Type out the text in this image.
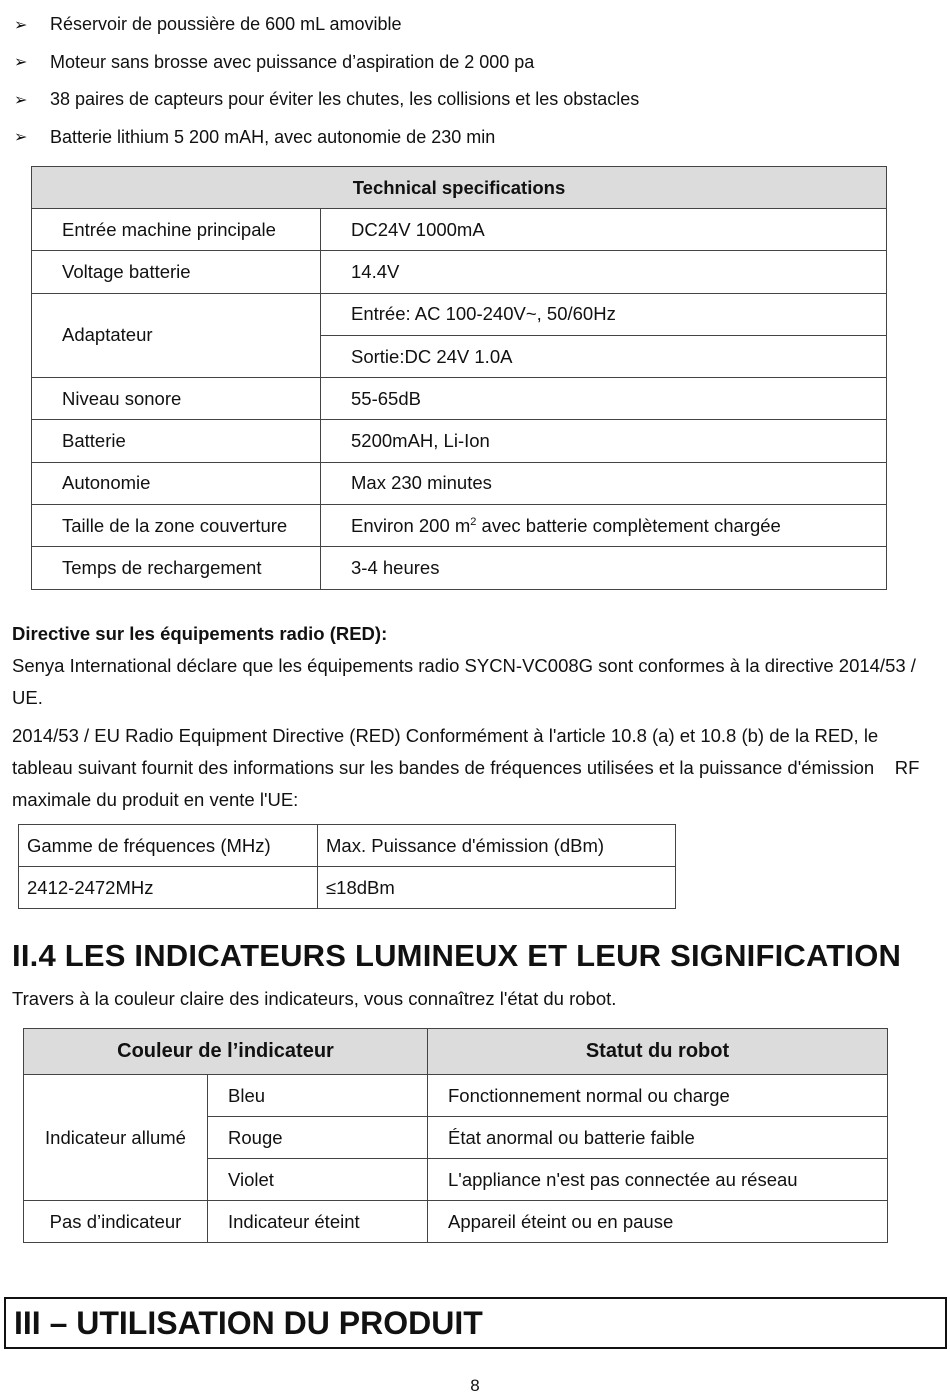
➢	Réservoir de poussière de 600 mL amovible
➢	Moteur sans brosse avec puissance d’aspiration de 2 000 pa
➢	38 paires de capteurs pour éviter les chutes, les collisions et les obstacles
➢	Batterie lithium 5 200 mAH, avec autonomie de 230 min
Technical specifications	
Entrée machine principale	DC24V 1000mA
Voltage batterie	14.4V
Adaptateur	Entrée: AC 100-240V~, 50/60Hz
	Sortie:DC 24V 1.0A
Niveau sonore	55-65dB
Batterie	5200mAH, Li-Ion
Autonomie	Max 230 minutes
Taille de la zone couverture	Environ 200 $m^2$ avec batterie complètement chargée
Temps de rechargement	3-4 heures
Directive sur les équipements radio (RED):
Senya International déclare que les équipements radio SYCN-VC008G sont conformes à la directive 2014/53 / UE.
2014/53 / EU Radio Equipment Directive (RED) Conformément à l'article 10.8 (a) et 10.8 (b) de la RED, le tableau suivant fournit des informations sur les bandes de fréquences utilisées et la puissance d'émission    RF maximale du produit en vente l'UE:
Gamme de fréquences (MHz)	Max. Puissance d'émission (dBm)
2412-2472MHz	≤18dBm
II.4 LES INDICATEURS LUMINEUX ET LEUR SIGNIFICATION
Travers à la couleur claire des indicateurs, vous connaîtrez l'état du robot.
Couleur de l’indicateur		Statut du robot
Indicateur allumé	Bleu	Fonctionnement normal ou charge
	Rouge	État anormal ou batterie faible
	Violet	L'appliance n'est pas connectée au réseau
Pas d’indicateur	Indicateur éteint	Appareil éteint ou en pause
III – UTILISATION DU PRODUIT
8
